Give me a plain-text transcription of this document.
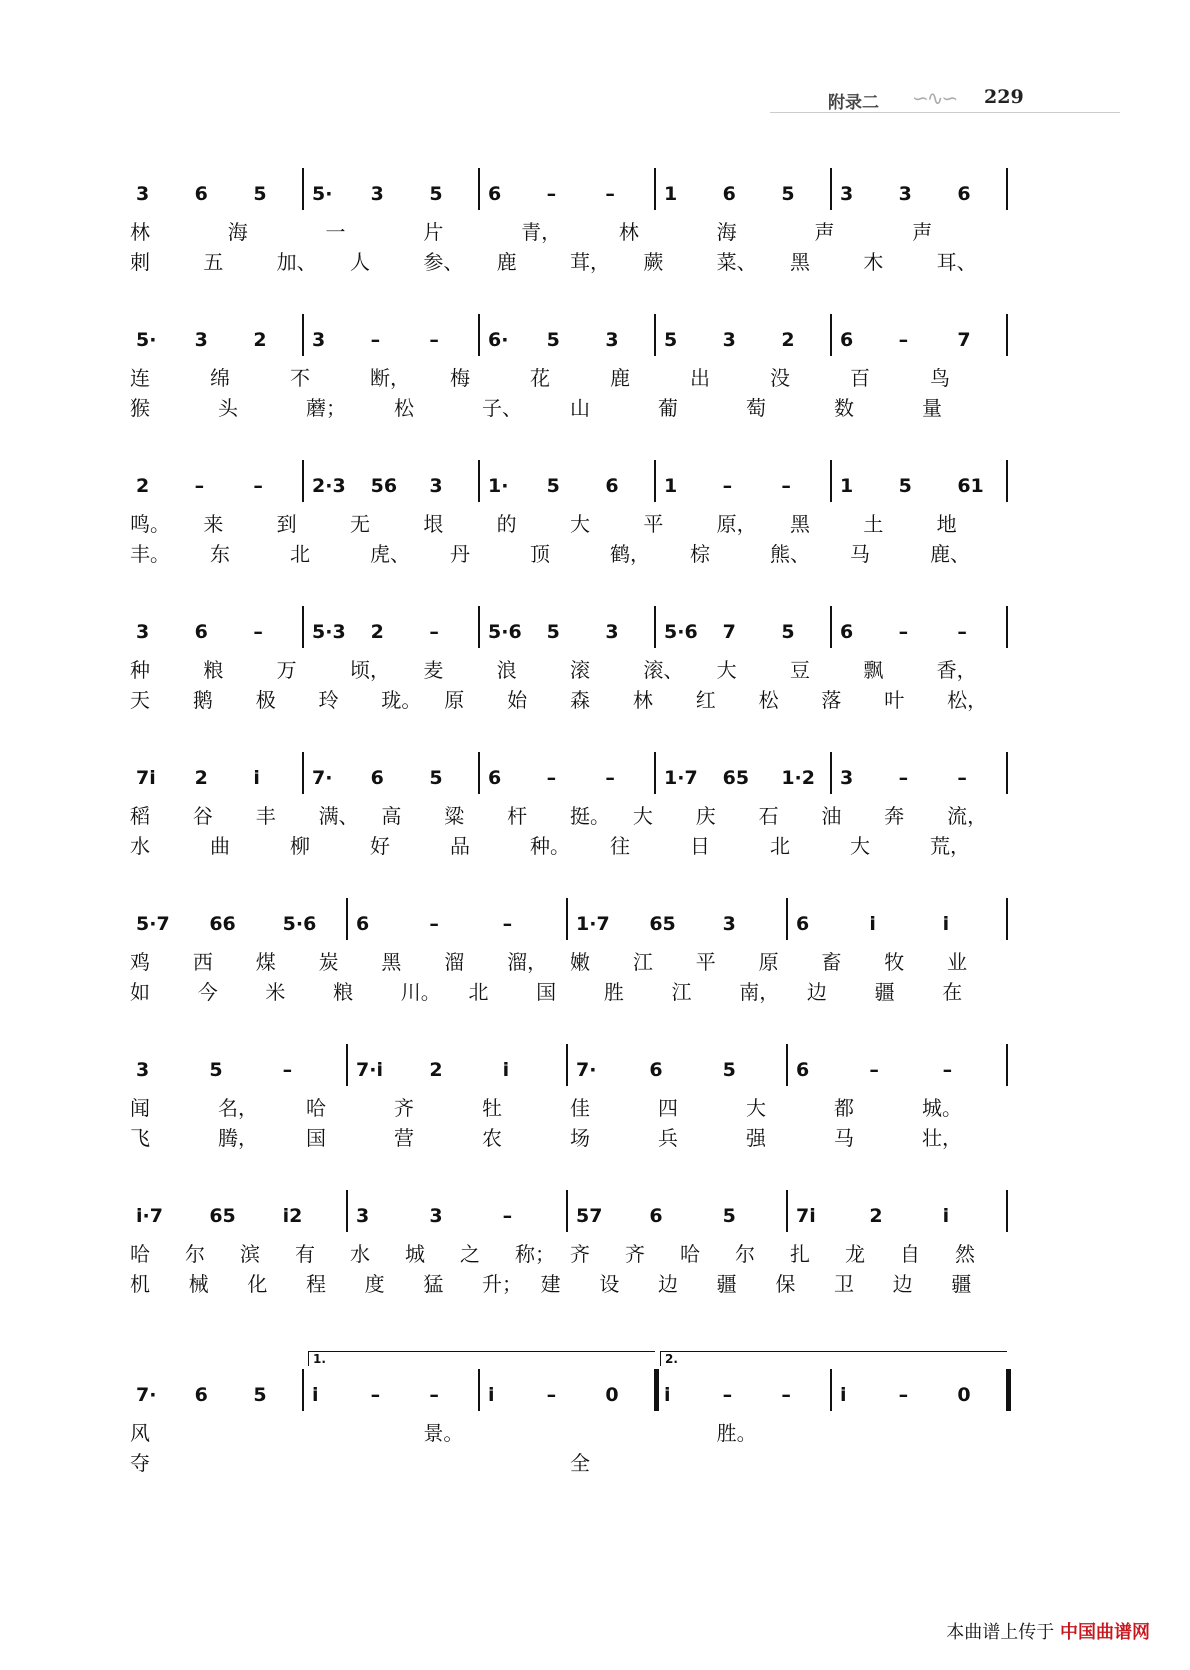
附录二 ∽∿∽ 229
3 6 5 5· 3 5 6 –	–	1 6 5 3 3 6
林	海	一	片	青，	林	海	声	声
刺	五	加、 人	参、 鹿	茸， 蕨	菜、 黑	木	耳、
5· 3 2 3 –	–	6· 5 3 5 3 2 6 –	7
连	绵	不	断， 梅	花	鹿	出	没	百	鸟
猴	头	蘑； 松	子、 山	葡	萄	数	量
2 –	–	2·3 56 3 1· 5 6 1 –	–	1 5 61
鸣。 来	到	无	垠	的	大	平	原， 黑	土	地
丰。 东	北	虎、 丹	顶	鹤， 棕	熊、 马	鹿、
3 6 –	5·3 2 –	5·6 5 3 5·6 7 5 6 –	–
种	粮	万	顷， 麦	浪	滚	滚、 大	豆	飘	香，
天 鹅 极 玲 珑。 原 始 森 林 红 松 落 叶 松，
7i 2 i	7· 6 5 6 –	–	1·7 65 1·2 3 –	–
稻 谷 丰 满、 高 粱 杆 挺。 大 庆 石 油 奔 流，
水	曲	柳	好	品	种。 往	日	北	大	荒，
5·7 66 5·6 6	–	–	1·7 65 3	6	i	i
鸡 西 煤 炭 黑 溜 溜， 嫩 江 平 原 畜 牧 业
如 今 米 粮 川。 北 国 胜 江 南， 边 疆 在
3	5	–	7·i 2	i	7·	6	5	6	–	–
闻	名， 哈	齐	牡	佳	四	大	都	城。
飞	腾， 国	营	农	场	兵	强	马	壮，
i·7 65 i2	3	3	–	57 6	5	7i	2	i
哈 尔 滨 有 水 城 之 称； 齐 齐 哈 尔 扎 龙 自 然
机 械 化 程 度 猛 升； 建 设 边 疆 保 卫 边 疆
7· 6 5 i	–	–	i	–	0 i	–	–	i	–	0
1.	2.
风	景。	胜。
夺	全
本曲谱上传于 中国曲谱网
